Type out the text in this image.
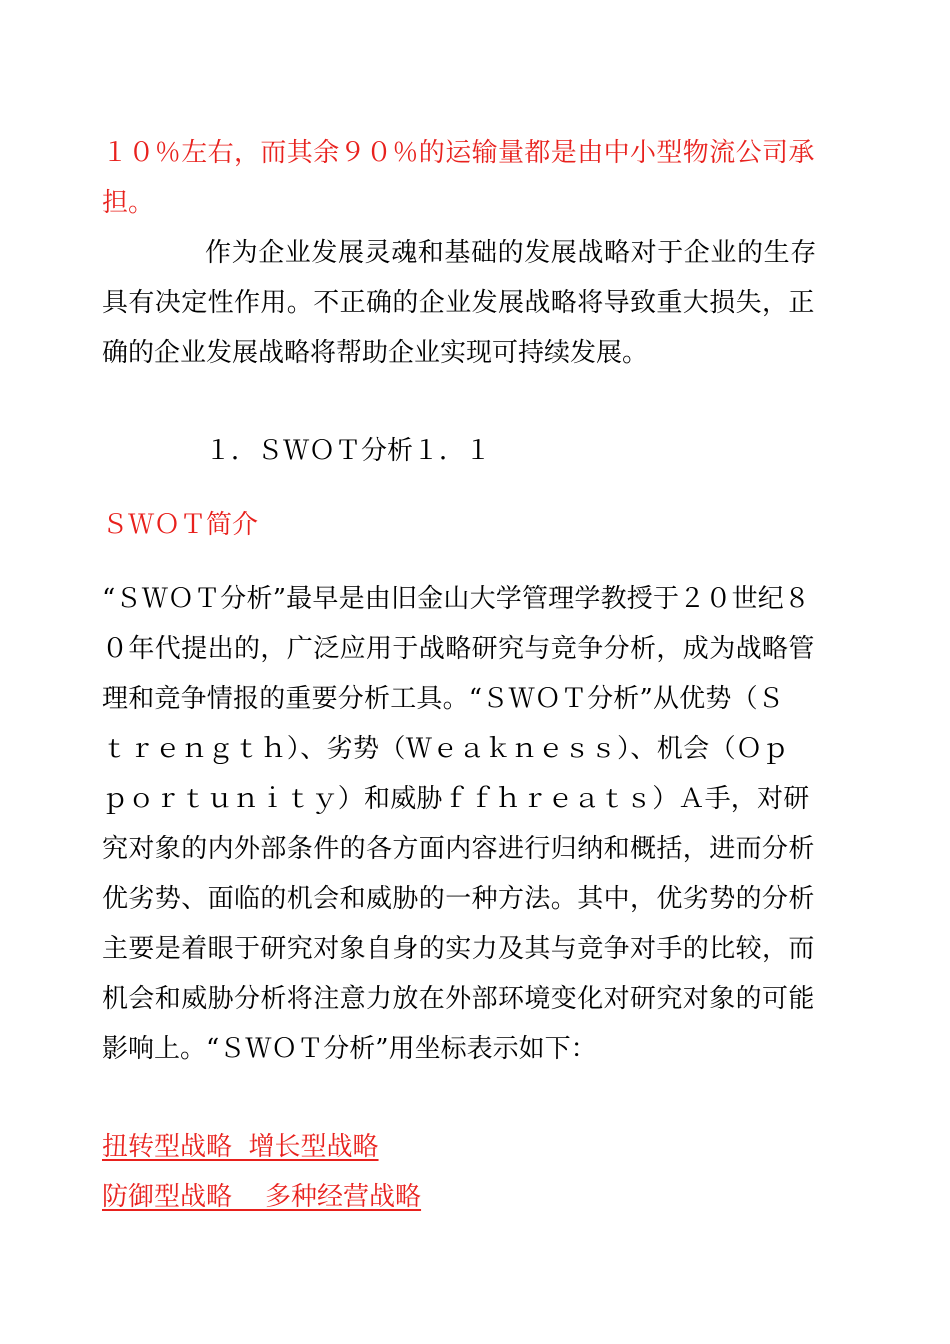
１０％左右，而其余９０％的运输量都是由中小型物流公司承

担。

作为企业发展灵魂和基础的发展战略对于企业的生存

具有决定性作用。不正确的企业发展战略将导致重大损失，正

确的企业发展战略将帮助企业实现可持续发展。

１．ＳＷＯＴ分析１．１

ＳＷＯＴ简介

“ＳＷＯＴ分析”最早是由旧金山大学管理学教授于２０世纪８

０年代提出的，广泛应用于战略研究与竞争分析，成为战略管

理和竞争情报的重要分析工具。“ＳＷＯＴ分析”从优势（Ｓ

ｔｒｅｎｇｔｈ）、劣势（Ｗｅａｋｎｅｓｓ）、机会（Ｏｐ

ｐｏｒｔｕｎｉｔｙ）和威胁ｆｆｈｒｅａｔｓ）Ａ手，对研

究对象的内外部条件的各方面内容进行归纳和概括，进而分析

优劣势、面临的机会和威胁的一种方法。其中，优劣势的分析

主要是着眼于研究对象自身的实力及其与竞争对手的比较，而

机会和威胁分析将注意力放在外部环境变化对研究对象的可能

影响上。“ＳＷＯＴ分析”用坐标表示如下：

扭转型战略  增长型战略

防御型战略    多种经营战略
